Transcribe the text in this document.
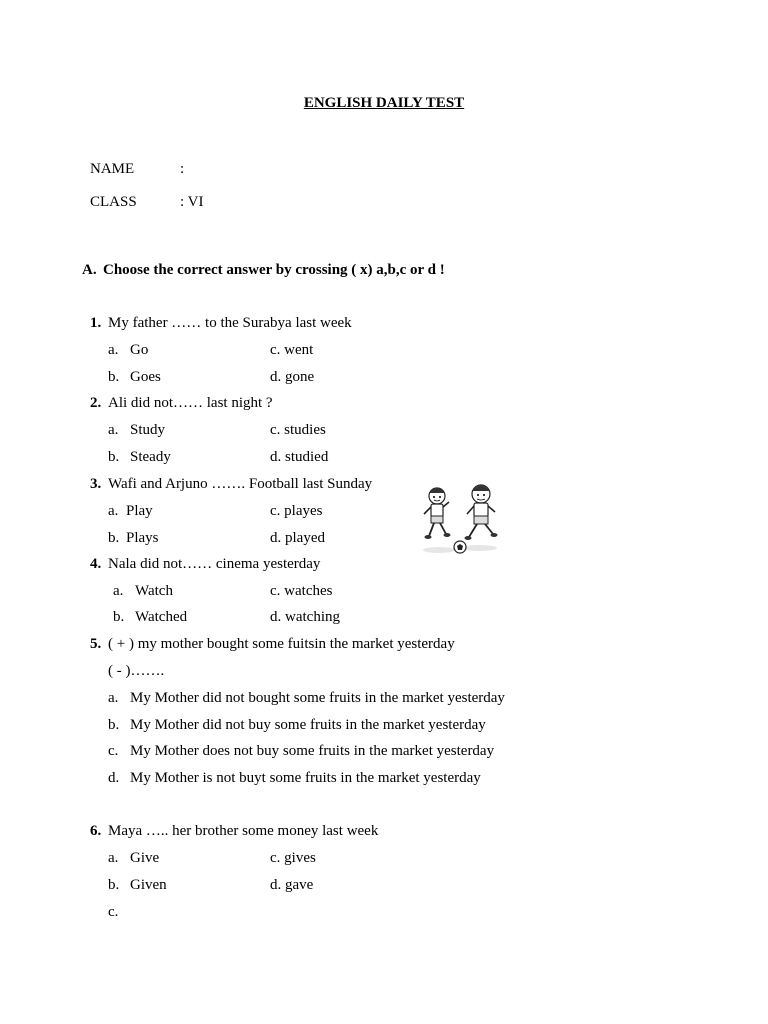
ENGLISH DAILY TEST
NAME	:
CLASS	: VI
A. Choose the correct answer by crossing ( x) a,b,c or d !
1. My father …… to the Surabya last week
a. Go	c. went
b. Goes	d. gone
2. Ali did not…… last night ?
a. Study	c. studies
b. Steady	d. studied
3. Wafi and Arjuno ……. Football last Sunday
a. Play	c. playes
b. Plays	d. played
4. Nala did not…… cinema yesterday
a. Watch	c. watches
b. Watched	d. watching
5. ( + ) my mother bought some fuitsin the market yesterday
( - )…….
a. My Mother did not bought some fruits in the market yesterday
b. My Mother did not buy some fruits in the market yesterday
c. My Mother does not buy some fruits in the market yesterday
d. My Mother is not buyt some fruits in the market yesterday
6. Maya ….. her brother some money last week
a. Give	c. gives
b. Given	d. gave
c.
